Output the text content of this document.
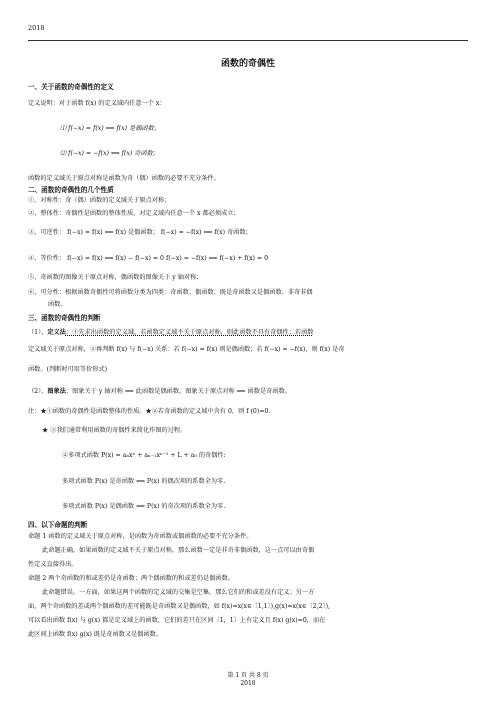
2018
函数的奇偶性
一、关于函数的奇偶性的定义
定义说明：对于函数 f(x) 的定义域内任意一个 x：
⑴ f(−x) = f(x) ⟺ f(x) 是偶函数；
⑵ f(−x) = −f(x) ⟺ f(x) 奇函数；
函数的定义域关于原点对称是函数为奇（偶）函数的必要不充分条件。
二、函数的奇偶性的几个性质
①、对称性：奇（偶）函数的定义域关于原点对称；
②、整体性：奇偶性是函数的整体性质，对定义域内任意一个 x 都必须成立；
③、可逆性： f(−x) = f(x) ⟺ f(x) 是偶函数； f(−x) = −f(x) ⟺ f(x) 奇函数；
④、等价性： f(−x) = f(x) ⟺ f(x) − f(−x) = 0 f(−x) = −f(x) ⟺ f(−x) + f(x) = 0
⑤、奇函数的图像关于原点对称，偶函数的图像关于 y 轴对称；
⑥、可分性：根据函数奇偶性可将函数分类为四类：奇函数、偶函数、既是奇函数又是偶函数、非奇非偶
函数。
三、函数的奇偶性的判断
（1）、定义法：①先求出函数的定义域，若函数定义域不关于原点对称，则此函数不具有奇偶性；若函数
定义域关于原点对称，②再判断 f(x) 与 f(−x) 关系：若 f(−x) = f(x) 则是偶函数；若 f(−x) = −f(x)，则 f(x) 是奇
函数。(判断时可用等价形式)
（2）、图象法：图象关于 y 轴对称 ⟺ 此函数是偶函数。图象关于原点对称 ⟺ 函数是奇函数。
注：★①函数的奇偶性是函数整体的性质。★②若奇函数的定义域中含有 0，则 f (0)=0.
★ ③我们通常利用函数的奇偶性来简化作图的过程。
④多项式函数 P(x) = aₙxⁿ + aₙ₋₁xⁿ⁻¹ + L + a₀ 的奇偶性:
多项式函数 P(x) 是奇函数 ⟺ P(x) 的偶次项的系数全为零.
多项式函数 P(x) 是偶函数 ⟺ P(x) 的奇次项的系数全为零.
四、以下命题的判断
命题 1 函数的定义域关于原点对称，是函数为奇函数或偶函数的必要不充分条件。
此命题正确。如果函数的定义域不关于原点对称，那么函数一定是非奇非偶函数，这一点可以由奇偶
性定义直接得出。
命题 2 两个奇函数的和或差仍是奇函数；两个偶函数的和或差仍是偶函数。
此命题错误。一方面，如果这两个函数的定义域的交集是空集，那么它们的和或差没有定义；另一方
面，两个奇函数的差或两个偶函数的差可能既是奇函数又是偶函数，如 f(x)=x(x∈〔1,1〕),g(x)=x(x∈〔2,2〕),
可以看出函数 f(x) 与 g(x) 都是定义域上的函数，它们的差只在区间〔1，1〕上有定义且 f(x) g(x)=0，而在
此区间上函数 f(x) g(x) 既是奇函数又是偶函数。
第 1 页 共 8 页
2018
